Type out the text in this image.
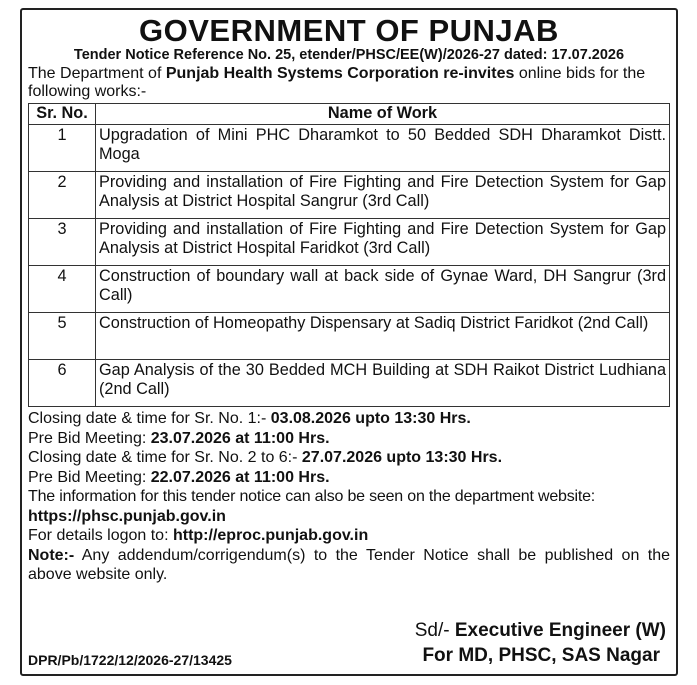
GOVERNMENT OF PUNJAB
Tender Notice Reference No. 25, etender/PHSC/EE(W)/2026-27 dated: 17.07.2026
The Department of Punjab Health Systems Corporation re-invites online bids for the following works:-
Sr. No.	Name of Work
1	Upgradation of Mini PHC Dharamkot to 50 Bedded SDH Dharamkot Distt. Moga
2	Providing and installation of Fire Fighting and Fire Detection System for Gap Analysis at District Hospital Sangrur (3rd Call)
3	Providing and installation of Fire Fighting and Fire Detection System for Gap Analysis at District Hospital Faridkot (3rd Call)
4	Construction of boundary wall at back side of Gynae Ward, DH Sangrur (3rd Call)
5	Construction of Homeopathy Dispensary at Sadiq District Faridkot (2nd Call)
6	Gap Analysis of the 30 Bedded MCH Building at SDH Raikot District Ludhiana (2nd Call)
Closing date & time for Sr. No. 1:- 03.08.2026 upto 13:30 Hrs.
Pre Bid Meeting: 23.07.2026 at 11:00 Hrs.
Closing date & time for Sr. No. 2 to 6:- 27.07.2026 upto 13:30 Hrs.
Pre Bid Meeting: 22.07.2026 at 11:00 Hrs.
The information for this tender notice can also be seen on the department website:
https://phsc.punjab.gov.in
For details logon to: http://eproc.punjab.gov.in
Note:- Any addendum/corrigendum(s) to the Tender Notice shall be published on the above website only.
Sd/- Executive Engineer (W)
For MD, PHSC, SAS Nagar
DPR/Pb/1722/12/2026-27/13425
